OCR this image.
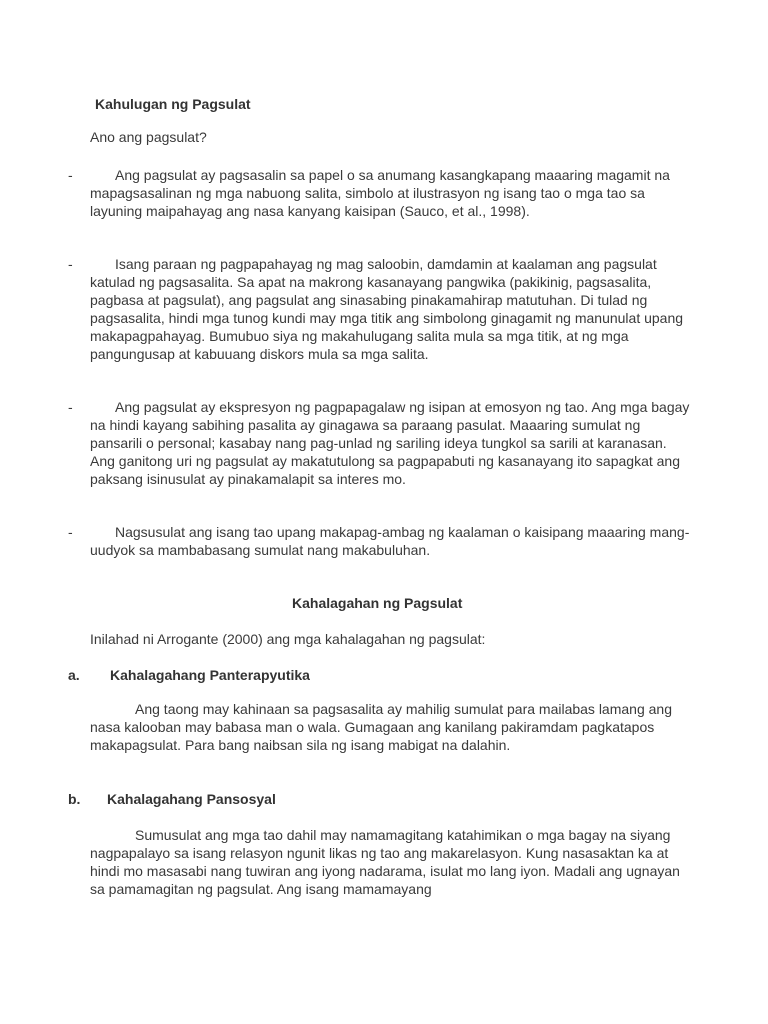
Kahulugan ng Pagsulat
Ano ang pagsulat?
-	Ang pagsulat ay pagsasalin sa papel o sa anumang kasangkapang maaaring magamit na mapagsasalinan ng mga nabuong salita, simbolo at ilustrasyon ng isang tao o mga tao sa layuning maipahayag ang nasa kanyang kaisipan (Sauco, et al., 1998).
-	Isang paraan ng pagpapahayag ng mag saloobin, damdamin at kaalaman ang pagsulat katulad ng pagsasalita. Sa apat na makrong kasanayang pangwika (pakikinig, pagsasalita, pagbasa at pagsulat), ang pagsulat ang sinasabing pinakamahirap matutuhan. Di tulad ng pagsasalita, hindi mga tunog kundi may mga titik ang simbolong ginagamit ng manunulat upang makapagpahayag. Bumubuo siya ng makahulugang salita mula sa mga titik, at ng mga pangungusap at kabuuang diskors mula sa mga salita.
-	Ang pagsulat ay ekspresyon ng pagpapagalaw ng isipan at emosyon ng tao. Ang mga bagay na hindi kayang sabihing pasalita ay ginagawa sa paraang pasulat. Maaaring sumulat ng pansarili o personal; kasabay nang pag-unlad ng sariling ideya tungkol sa sarili at karanasan. Ang ganitong uri ng pagsulat ay makatutulong sa pagpapabuti ng kasanayang ito sapagkat ang paksang isinusulat ay pinakamalapit sa interes mo.
-	Nagsusulat ang isang tao upang makapag-ambag ng kaalaman o kaisipang maaaring mang-uudyok sa mambabasang sumulat nang makabuluhan.
Kahalagahan ng Pagsulat
Inilahad ni Arrogante (2000) ang mga kahalagahan ng pagsulat:
a. Kahalagahang Panterapyutika
Ang taong may kahinaan sa pagsasalita ay mahilig sumulat para mailabas lamang ang nasa kalooban may babasa man o wala. Gumagaan ang kanilang pakiramdam pagkatapos makapagsulat. Para bang naibsan sila ng isang mabigat na dalahin.
b. Kahalagahang Pansosyal
Sumusulat ang mga tao dahil may namamagitang katahimikan o mga bagay na siyang nagpapalayo sa isang relasyon ngunit likas ng tao ang makarelasyon. Kung nasasaktan ka at hindi mo masasabi nang tuwiran ang iyong nadarama, isulat mo lang iyon. Madali ang ugnayan sa pamamagitan ng pagsulat. Ang isang mamamayang
